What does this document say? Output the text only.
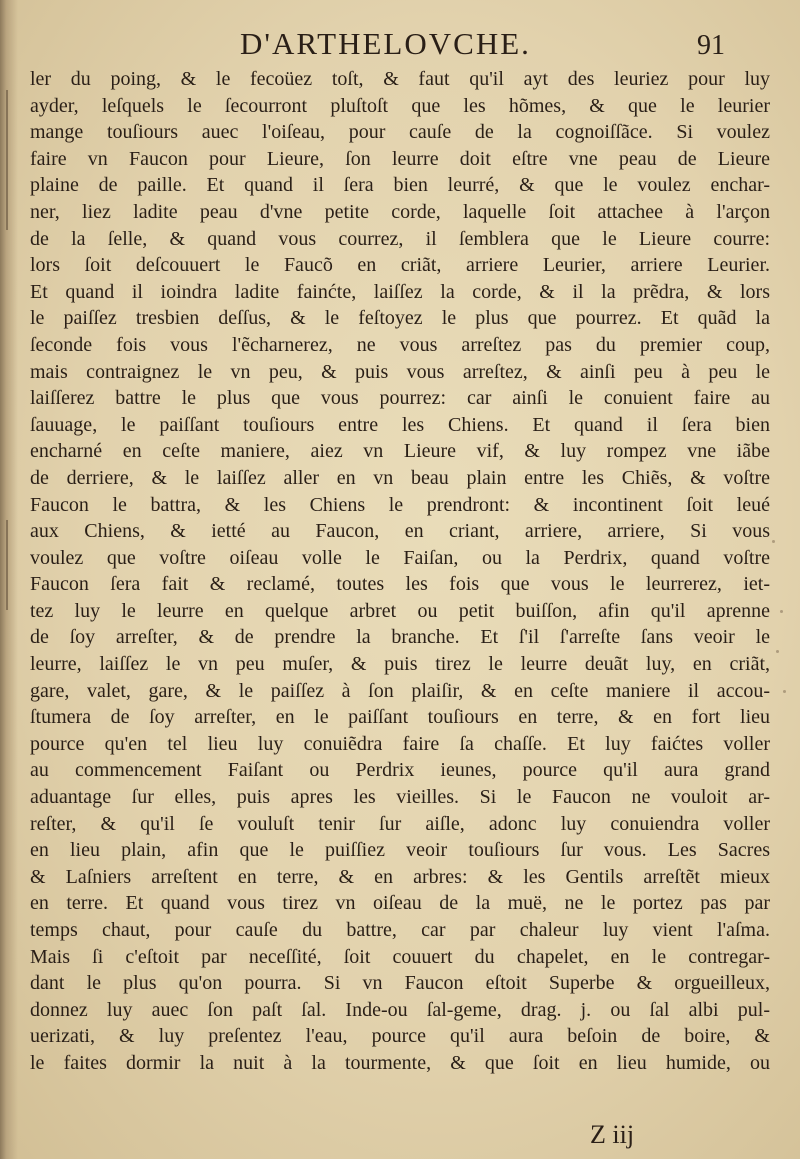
D'ARTHELOVCHE.	91
ler du poing, & le fecoüez toſt, & faut qu'il ayt des leuriez pour luy
ayder, leſquels le ſecourront pluſtoſt que les hõmes, & que le leurier
mange touſiours auec l'oiſeau, pour cauſe de la cognoiſſãce. Si voulez
faire vn Faucon pour Lieure, ſon leurre doit eſtre vne peau de Lieure
plaine de paille. Et quand il ſera bien leurré, & que le voulez enchar-
ner, liez ladite peau d'vne petite corde, laquelle ſoit attachee à l'arçon
de la ſelle, & quand vous courrez, il ſemblera que le Lieure courre:
lors ſoit deſcouuert le Faucõ en criãt, arriere Leurier, arriere Leurier.
Et quand il ioindra ladite fainćte, laiſſez la corde, & il la prẽdra, & lors
le paiſſez tresbien deſſus, & le feſtoyez le plus que pourrez. Et quãd la
ſeconde fois vous l'e͏̃charnerez, ne vous arreſtez pas du premier coup,
mais contraignez le vn peu, & puis vous arreſtez, & ainſi peu à peu le
laiſſerez battre le plus que vous pourrez: car ainſi le conuient faire au
ſauuage, le paiſſant touſiours entre les Chiens. Et quand il ſera bien
encharné en ceſte maniere, aiez vn Lieure vif, & luy rompez vne iãbe
de derriere, & le laiſſez aller en vn beau plain entre les Chiẽs, & voſtre
Faucon le battra, & les Chiens le prendront: & incontinent ſoit leué
aux Chiens, & ietté au Faucon, en criant, arriere, arriere, Si vous
voulez que voſtre oiſeau volle le Faiſan, ou la Perdrix, quand voſtre
Faucon ſera fait & reclamé, toutes les fois que vous le leurrerez, iet-
tez luy le leurre en quelque arbret ou petit buiſſon, afin qu'il aprenne
de ſoy arreſter, & de prendre la branche. Et ſ'il ſ'arreſte ſans veoir le
leurre, laiſſez le vn peu muſer, & puis tirez le leurre deuãt luy, en criãt,
gare, valet, gare, & le paiſſez à ſon plaiſir, & en ceſte maniere il accou-
ſtumera de ſoy arreſter, en le paiſſant touſiours en terre, & en fort lieu
pource qu'en tel lieu luy conuiẽdra faire ſa chaſſe. Et luy faićtes voller
au commencement Faiſant ou Perdrix ieunes, pource qu'il aura grand
aduantage ſur elles, puis apres les vieilles. Si le Faucon ne vouloit ar-
reſter, & qu'il ſe vouluſt tenir ſur aiſle, adonc luy conuiendra voller
en lieu plain, afin que le puiſſiez veoir touſiours ſur vous. Les Sacres
& Laſniers arreſtent en terre, & en arbres: & les Gentils arreſtẽt mieux
en terre. Et quand vous tirez vn oiſeau de la muë, ne le portez pas par
temps chaut, pour cauſe du battre, car par chaleur luy vient l'aſma.
Mais ſi c'eſtoit par neceſſité, ſoit couuert du chapelet, en le contregar-
dant le plus qu'on pourra. Si vn Faucon eſtoit Superbe & orgueilleux,
donnez luy auec ſon paſt ſal. Inde-ou ſal-geme, drag. j. ou ſal albi pul-
uerizati, & luy preſentez l'eau, pource qu'il aura beſoin de boire, &
le faites dormir la nuit à la tourmente, & que ſoit en lieu humide, ou
Z iij
